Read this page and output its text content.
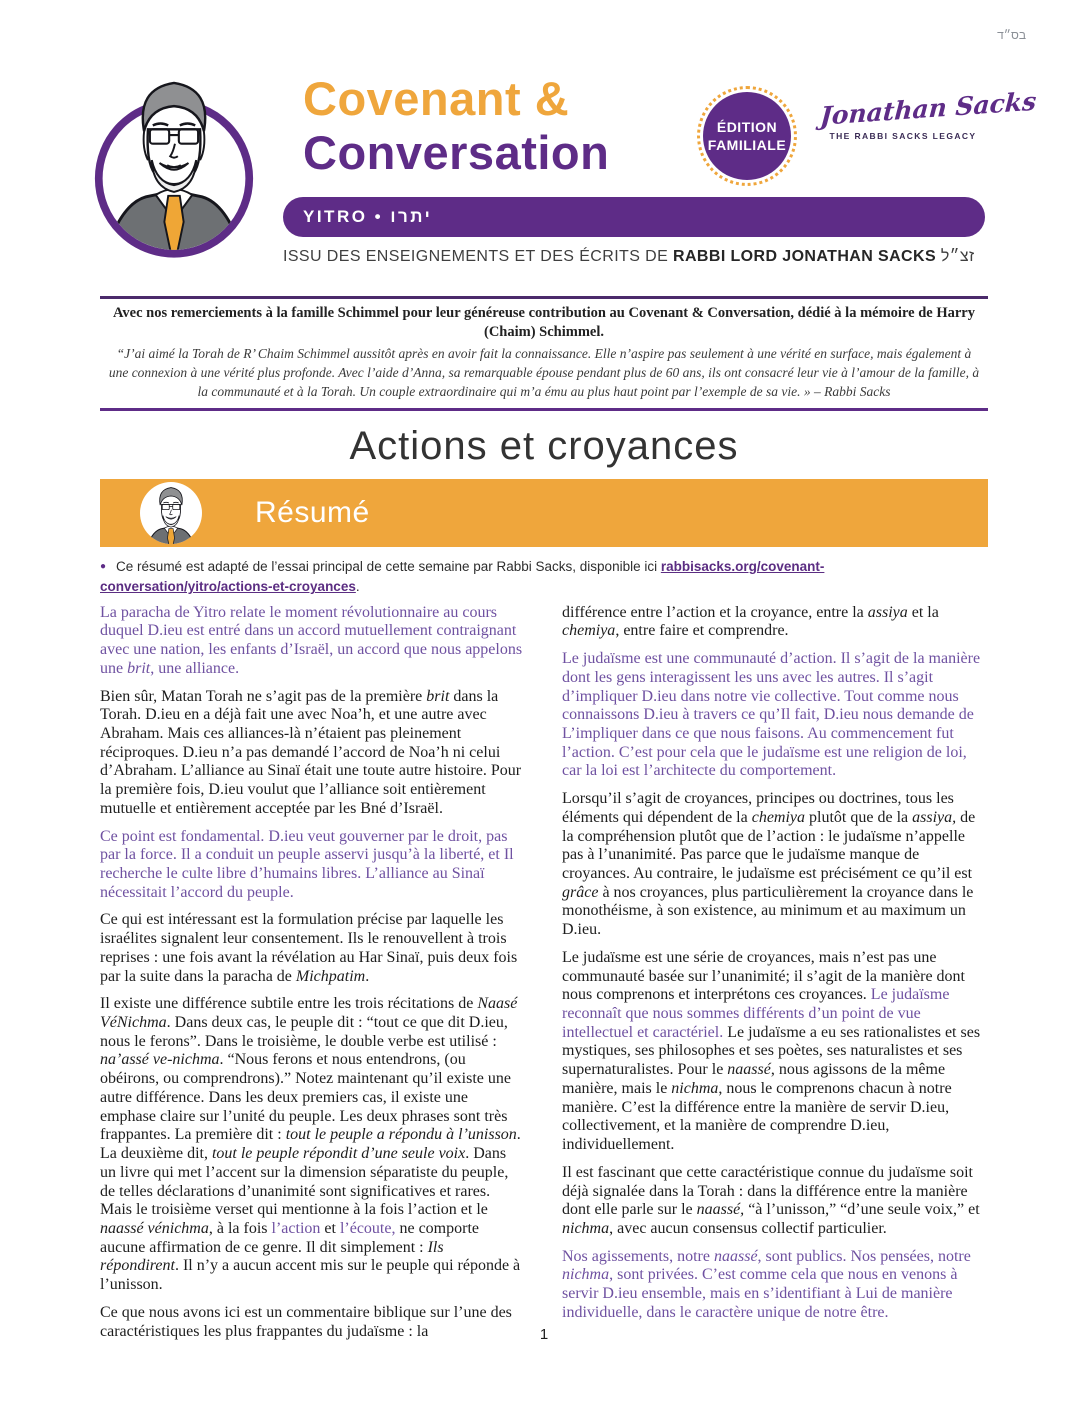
בס״ד
Covenant &
Conversation	ÉDITION
FAMILIALE
Jonathan Sacks
THE RABBI SACKS LEGACY
YITRO • יתרו
ISSU DES ENSEIGNEMENTS ET DES ÉCRITS DE RABBI LORD JONATHAN SACKS זצ״ל

Avec nos remerciements à la famille Schimmel pour leur généreuse contribution au Covenant & Conversation, dédié à la mémoire de Harry (Chaim) Schimmel.

“J’ai aimé la Torah de R’ Chaim Schimmel aussitôt après en avoir fait la connaissance. Elle n’aspire pas seulement à une vérité en surface, mais également à une connexion à une vérité plus profonde. Avec l’aide d’Anna, sa remarquable épouse pendant plus de 60 ans, ils ont consacré leur vie à l’amour de la famille, à la communauté et à la Torah. Un couple extraordinaire qui m’a ému au plus haut point par l’exemple de sa vie. » – Rabbi Sacks

Actions et croyances
Résumé

● Ce résumé est adapté de l’essai principal de cette semaine par Rabbi Sacks, disponible ici rabbisacks.org/covenant-conversation/yitro/actions-et-croyances.

La paracha de Yitro relate le moment révolutionnaire au cours duquel D.ieu est entré dans un accord mutuellement contraignant avec une nation, les enfants d’Israël, un accord que nous appelons une brit, une alliance.

Bien sûr, Matan Torah ne s’agit pas de la première brit dans la Torah. D.ieu en a déjà fait une avec Noa’h, et une autre avec Abraham. Mais ces alliances-là n’étaient pas pleinement réciproques. D.ieu n’a pas demandé l’accord de Noa’h ni celui d’Abraham. L’alliance au Sinaï était une toute autre histoire. Pour la première fois, D.ieu voulut que l’alliance soit entièrement mutuelle et entièrement acceptée par les Bné d’Israël.

Ce point est fondamental. D.ieu veut gouverner par le droit, pas par la force. Il a conduit un peuple asservi jusqu’à la liberté, et Il recherche le culte libre d’humains libres. L’alliance au Sinaï nécessitait l’accord du peuple.

Ce qui est intéressant est la formulation précise par laquelle les israélites signalent leur consentement. Ils le renouvellent à trois reprises : une fois avant la révélation au Har Sinaï, puis deux fois par la suite dans la paracha de Michpatim.

Il existe une différence subtile entre les trois récitations de Naasé VéNichma. Dans deux cas, le peuple dit : “tout ce que dit D.ieu, nous le ferons”. Dans le troisième, le double verbe est utilisé : na’assé ve-nichma. “Nous ferons et nous entendrons, (ou obéirons, ou comprendrons).” Notez maintenant qu’il existe une autre différence. Dans les deux premiers cas, il existe une emphase claire sur l’unité du peuple. Les deux phrases sont très frappantes. La première dit : tout le peuple a répondu à l’unisson. La deuxième dit, tout le peuple répondit d’une seule voix. Dans un livre qui met l’accent sur la dimension séparatiste du peuple, de telles déclarations d’unanimité sont significatives et rares. Mais le troisième verset qui mentionne à la fois l’action et le naassé vénichma, à la fois l’action et l’écoute, ne comporte aucune affirmation de ce genre. Il dit simplement : Ils répondirent. Il n’y a aucun accent mis sur le peuple qui réponde à l’unisson.

Ce que nous avons ici est un commentaire biblique sur l’une des caractéristiques les plus frappantes du judaïsme : la

différence entre l’action et la croyance, entre la assiya et la chemiya, entre faire et comprendre.

Le judaïsme est une communauté d’action. Il s’agit de la manière dont les gens interagissent les uns avec les autres. Il s’agit d’impliquer D.ieu dans notre vie collective. Tout comme nous connaissons D.ieu à travers ce qu’Il fait, D.ieu nous demande de L’impliquer dans ce que nous faisons. Au commencement fut l’action. C’est pour cela que le judaïsme est une religion de loi, car la loi est l’architecte du comportement.

Lorsqu’il s’agit de croyances, principes ou doctrines, tous les éléments qui dépendent de la chemiya plutôt que de la assiya, de la compréhension plutôt que de l’action : le judaïsme n’appelle pas à l’unanimité. Pas parce que le judaïsme manque de croyances. Au contraire, le judaïsme est précisément ce qu’il est grâce à nos croyances, plus particulièrement la croyance dans le monothéisme, à son existence, au minimum et au maximum un D.ieu.

Le judaïsme est une série de croyances, mais n’est pas une communauté basée sur l’unanimité; il s’agit de la manière dont nous comprenons et interprétons ces croyances. Le judaïsme reconnaît que nous sommes différents d’un point de vue intellectuel et caractériel. Le judaïsme a eu ses rationalistes et ses mystiques, ses philosophes et ses poètes, ses naturalistes et ses supernaturalistes. Pour le naassé, nous agissons de la même manière, mais le nichma, nous le comprenons chacun à notre manière. C’est la différence entre la manière de servir D.ieu, collectivement, et la manière de comprendre D.ieu, individuellement.

Il est fascinant que cette caractéristique connue du judaïsme soit déjà signalée dans la Torah : dans la différence entre la manière dont elle parle sur le naassé, “à l’unisson,” “d’une seule voix,” et nichma, avec aucun consensus collectif particulier.

Nos agissements, notre naassé, sont publics. Nos pensées, notre nichma, sont privées. C’est comme cela que nous en venons à servir D.ieu ensemble, mais en s’identifiant à Lui de manière individuelle, dans le caractère unique de notre être.

1
